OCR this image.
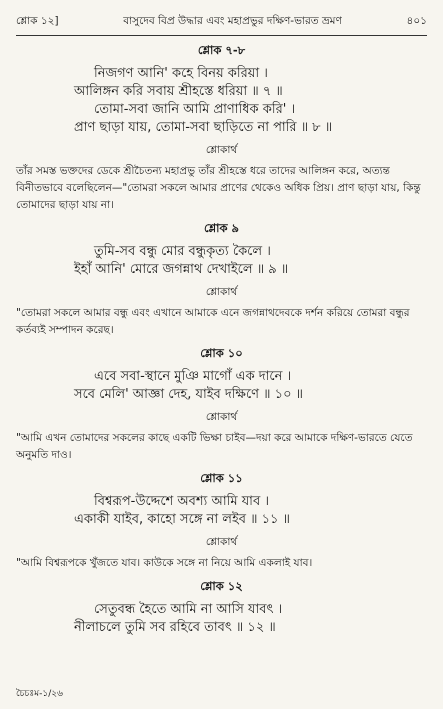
শ্লোক ১২]	বাসুদেব বিপ্র উদ্ধার এবং মহাপ্রভুর দক্ষিণ-ভারত ভ্রমণ	৪০১
শ্লোক ৭-৮
নিজগণ আনি' কহে বিনয় করিয়া ।
আলিঙ্গন করি সবায় শ্রীহস্তে ধরিয়া ॥ ৭ ॥
তোমা-সবা জানি আমি প্রাণাধিক করি' ।
প্রাণ ছাড়া যায়, তোমা-সবা ছাড়িতে না পারি ॥ ৮ ॥
শ্লোকার্থ
তাঁর সমস্ত ভক্তদের ডেকে শ্রীচৈতন্য মহাপ্রভু তাঁর শ্রীহস্তে ধরে তাদের আলিঙ্গন করে, অত্যন্ত বিনীতভাবে বলেছিলেন—"তোমরা সকলে আমার প্রাণের থেকেও অধিক প্রিয়। প্রাণ ছাড়া যায়, কিন্তু তোমাদের ছাড়া যায় না।
শ্লোক ৯
তুমি-সব বন্ধু মোর বন্ধুকৃত্য কৈলে ।
ইহাঁ আনি' মোরে জগন্নাথ দেখাইলে ॥ ৯ ॥
শ্লোকার্থ
"তোমরা সকলে আমার বন্ধু এবং এখানে আমাকে এনে জগন্নাথদেবকে দর্শন করিয়ে তোমরা বন্ধুর কর্তব্যই সম্পাদন করেছ।
শ্লোক ১০
এবে সবা-স্থানে মুঞি মাগোঁ এক দানে ।
সবে মেলি' আজ্ঞা দেহ, যাইব দক্ষিণে ॥ ১০ ॥
শ্লোকার্থ
"আমি এখন তোমাদের সকলের কাছে একটি ভিক্ষা চাইব—দয়া করে আমাকে দক্ষিণ-ভারতে যেতে অনুমতি দাও।
শ্লোক ১১
বিশ্বরূপ-উদ্দেশে অবশ্য আমি যাব ।
একাকী যাইব, কাহো সঙ্গে না লইব ॥ ১১ ॥
শ্লোকার্থ
"আমি বিশ্বরূপকে খুঁজতে যাব। কাউকে সঙ্গে না নিয়ে আমি একলাই যাব।
শ্লোক ১২
সেতুবন্ধ হৈতে আমি না আসি যাবৎ ।
নীলাচলে তুমি সব রহিবে তাবৎ ॥ ১২ ॥
চৈচঃম-১/২৬
